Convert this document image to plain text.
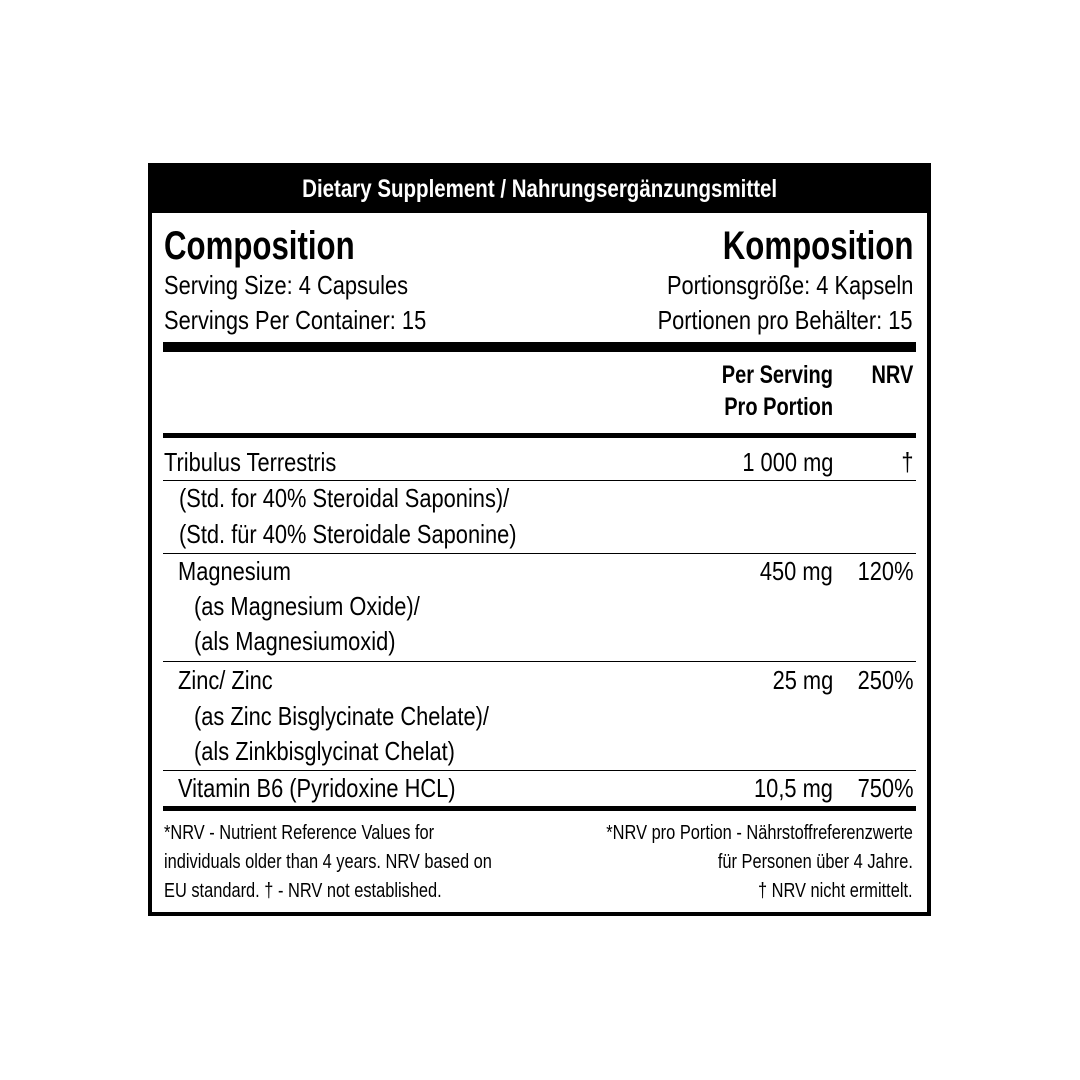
Dietary Supplement / Nahrungsergänzungsmittel
Composition	Komposition
Serving Size: 4 Capsules	Portionsgröße: 4 Kapseln
Servings Per Container: 15	Portionen pro Behälter: 15
Per Serving
Pro Portion
NRV
Tribulus Terrestris	1 000 mg	†
(Std. for 40% Steroidal Saponins)/
(Std. für 40% Steroidale Saponine)
Magnesium	450 mg 120%
(as Magnesium Oxide)/
(als Magnesiumoxid)
Zinc/ Zinc	25 mg 250%
(as Zinc Bisglycinate Chelate)/
(als Zinkbisglycinat Chelat)
Vitamin B6 (Pyridoxine HCL)	10,5 mg 750%
*NRV - Nutrient Reference Values for
individuals older than 4 years. NRV based on
EU standard. † - NRV not established.
*NRV pro Portion - Nährstoffreferenzwerte
für Personen über 4 Jahre.
† NRV nicht ermittelt.
